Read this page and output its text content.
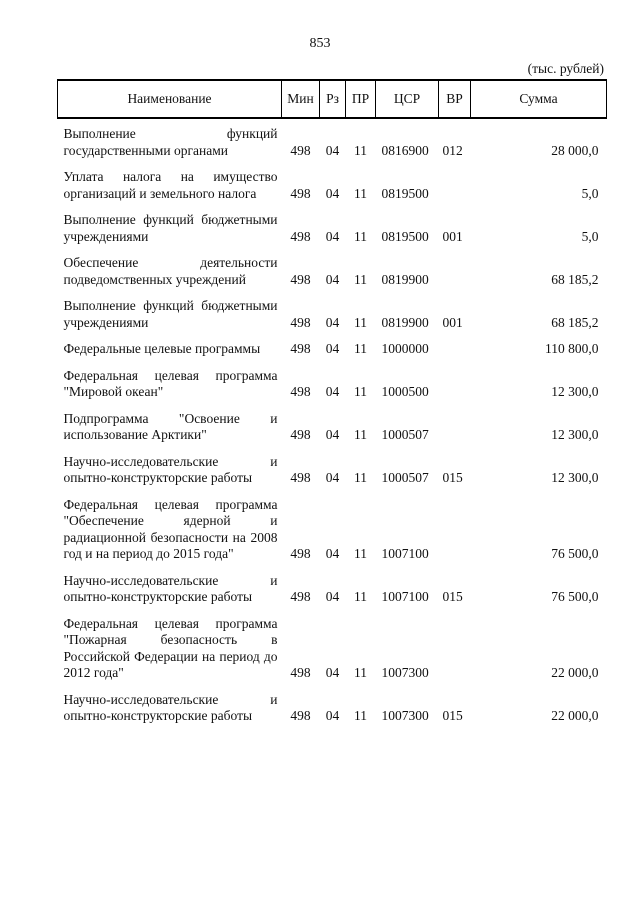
853
(тыс. рублей)
Наименование	Мин	Рз	ПР	ЦСР	ВР	Сумма
Выполнение функций государственными органами	498	04	11	0816900	012	28 000,0
Уплата налога на имущество организаций и земельного налога	498	04	11	0819500		5,0
Выполнение функций бюджетными учреждениями	498	04	11	0819500	001	5,0
Обеспечение деятельности подведомственных учреждений	498	04	11	0819900		68 185,2
Выполнение функций бюджетными учреждениями	498	04	11	0819900	001	68 185,2
Федеральные целевые программы	498	04	11	1000000		110 800,0
Федеральная целевая программа "Мировой океан"	498	04	11	1000500		12 300,0
Подпрограмма "Освоение и использование Арктики"	498	04	11	1000507		12 300,0
Научно-исследовательские и опытно-конструкторские работы	498	04	11	1000507	015	12 300,0
Федеральная целевая программа "Обеспечение ядерной и радиационной безопасности на 2008 год и на период до 2015 года"	498	04	11	1007100		76 500,0
Научно-исследовательские и опытно-конструкторские работы	498	04	11	1007100	015	76 500,0
Федеральная целевая программа "Пожарная безопасность в Российской Федерации на период до 2012 года"	498	04	11	1007300		22 000,0
Научно-исследовательские и опытно-конструкторские работы	498	04	11	1007300	015	22 000,0
